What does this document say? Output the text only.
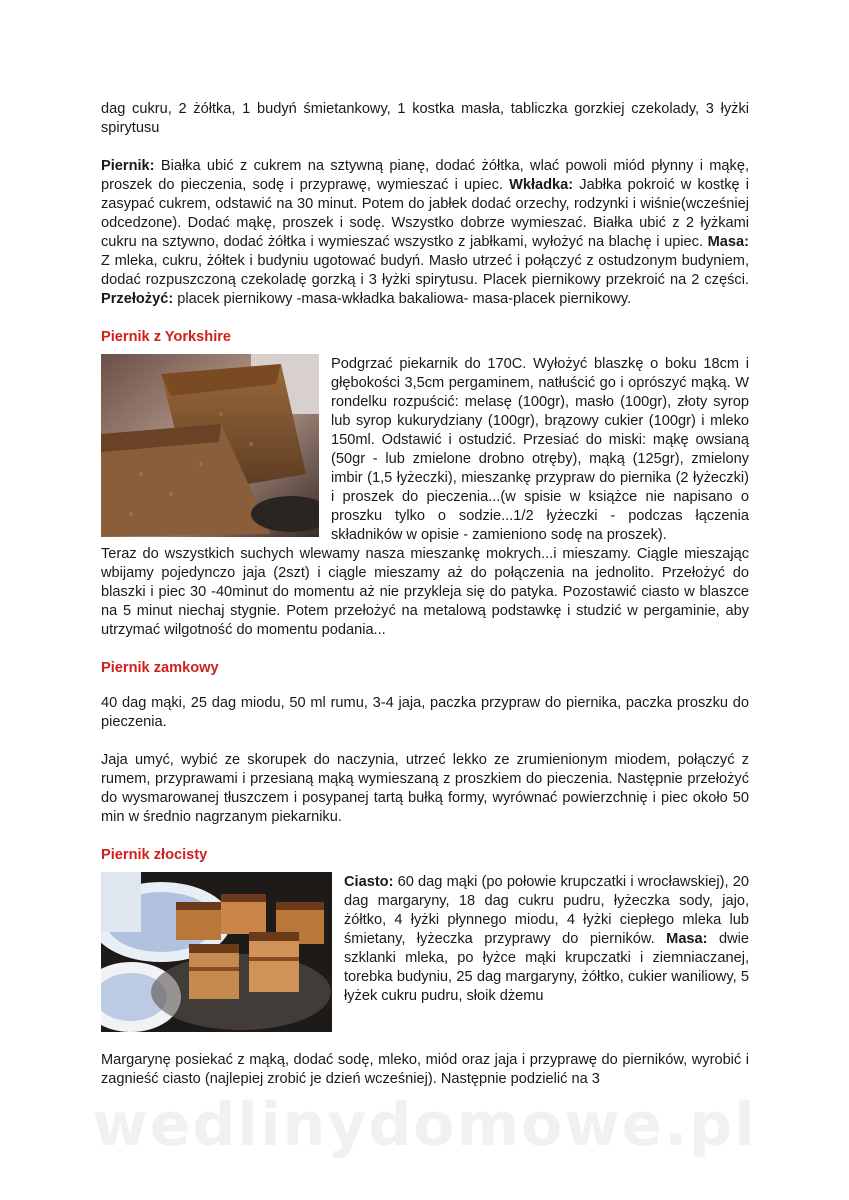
dag cukru, 2 żółtka, 1 budyń śmietankowy, 1 kostka masła, tabliczka gorzkiej czekolady, 3 łyżki spirytusu

Piernik: Białka ubić z cukrem na sztywną pianę, dodać żółtka, wlać powoli miód płynny i mąkę, proszek do pieczenia, sodę i przyprawę, wymieszać i upiec. Wkładka: Jabłka pokroić w kostkę i zasypać cukrem, odstawić na 30 minut. Potem do jabłek dodać orzechy, rodzynki i wiśnie(wcześniej odcedzone). Dodać mąkę, proszek i sodę. Wszystko dobrze wymieszać. Białka ubić z 2 łyżkami cukru na sztywno, dodać żółtka i wymieszać wszystko z jabłkami, wyłożyć na blachę i upiec. Masa: Z mleka, cukru, żółtek i budyniu ugotować budyń. Masło utrzeć i połączyć z ostudzonym budyniem, dodać rozpuszczoną czekoladę gorzką i 3 łyżki spirytusu. Placek piernikowy przekroić na 2 części. Przełożyć: placek piernikowy -masa-wkładka bakaliowa- masa-placek piernikowy.

Piernik z Yorkshire

Podgrzać piekarnik do 170C. Wyłożyć blaszkę o boku 18cm i głębokości 3,5cm pergaminem, natłuścić go i oprószyć mąką. W rondelku rozpuścić: melasę (100gr), masło (100gr), złoty syrop lub syrop kukurydziany (100gr), brązowy cukier (100gr) i mleko 150ml. Odstawić i ostudzić. Przesiać do miski: mąkę owsianą (50gr - lub zmielone drobno otręby), mąką (125gr), zmielony imbir (1,5 łyżeczki), mieszankę przypraw do piernika (2 łyżeczki) i proszek do pieczenia...(w spisie w książce nie napisano o proszku tylko o sodzie...1/2 łyżeczki - podczas łączenia składników w opisie - zamieniono sodę na proszek).

Teraz do wszystkich suchych wlewamy nasza mieszankę mokrych...i mieszamy. Ciągle mieszając wbijamy pojedynczo jaja (2szt) i ciągle mieszamy aż do połączenia na jednolito. Przełożyć do blaszki i piec 30 -40minut do momentu aż nie przykleja się do patyka. Pozostawić ciasto w blaszce na 5 minut niechaj stygnie. Potem przełożyć na metalową podstawkę i studzić w pergaminie, aby utrzymać wilgotność do momentu podania...

Piernik zamkowy

40 dag mąki, 25 dag miodu, 50 ml rumu, 3-4 jaja, paczka przypraw do piernika, paczka proszku do pieczenia.

Jaja umyć, wybić ze skorupek do naczynia, utrzeć lekko ze zrumienionym miodem, połączyć z rumem, przyprawami i przesianą mąką wymieszaną z proszkiem do pieczenia. Następnie przełożyć do wysmarowanej tłuszczem i posypanej tartą bułką formy, wyrównać powierzchnię i piec około 50 min w średnio nagrzanym piekarniku.

Piernik złocisty

Ciasto: 60 dag mąki (po połowie krupczatki i wrocławskiej), 20 dag margaryny, 18 dag cukru pudru, łyżeczka sody, jajo, żółtko, 4 łyżki płynnego miodu, 4 łyżki ciepłego mleka lub śmietany, łyżeczka przyprawy do pierników. Masa: dwie szklanki mleka, po łyżce mąki krupczatki i ziemniaczanej, torebka budyniu, 25 dag margaryny, żółtko, cukier waniliowy, 5 łyżek cukru pudru, słoik dżemu

Margarynę posiekać z mąką, dodać sodę, mleko, miód oraz jaja i przyprawę do pierników, wyrobić i zagnieść ciasto (najlepiej zrobić je dzień wcześniej). Następnie podzielić na 3

wedlinydomowe.pl
